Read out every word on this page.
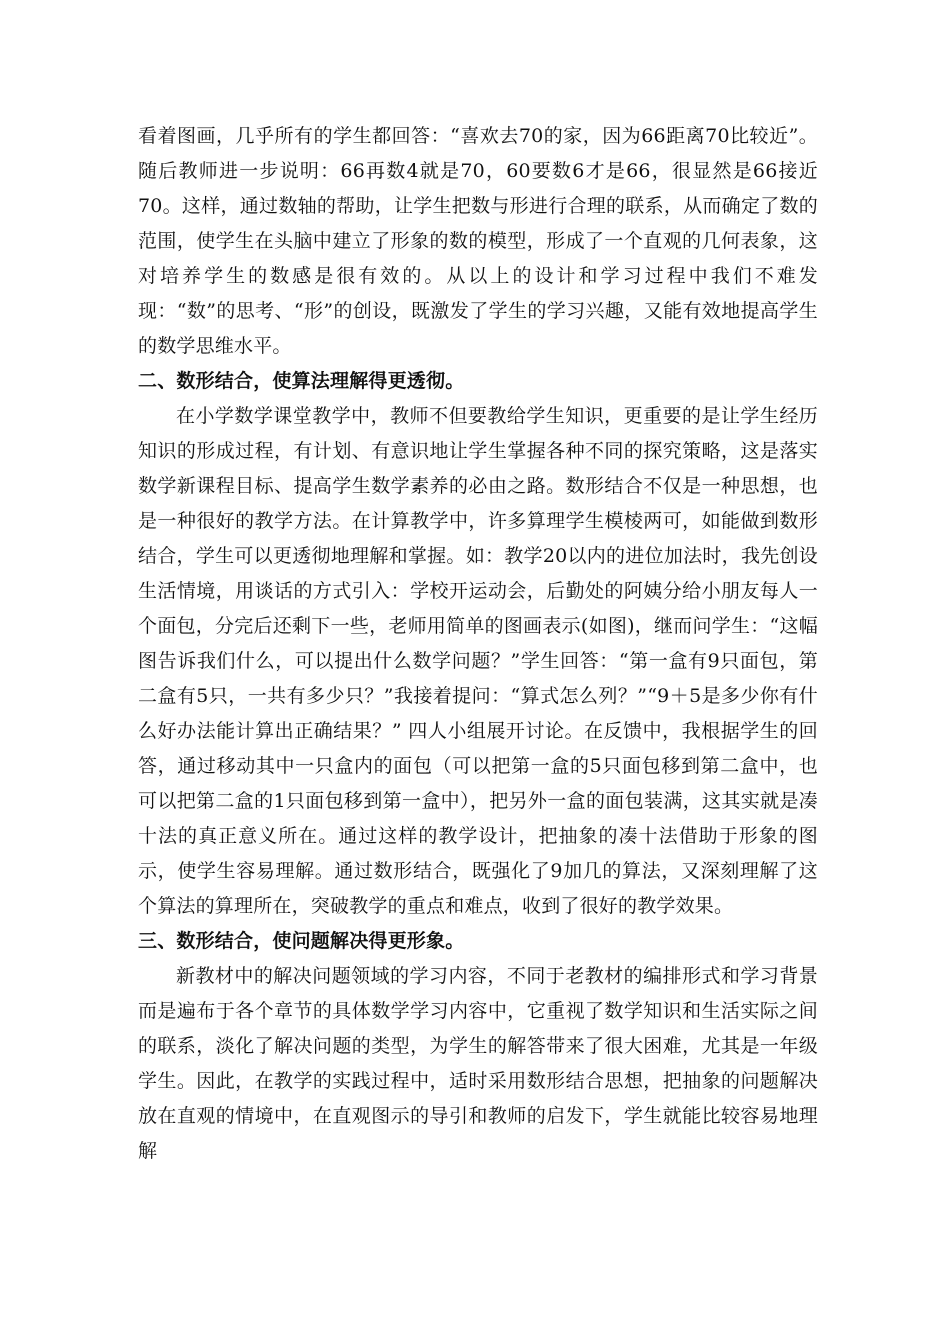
看着图画，几乎所有的学生都回答：“喜欢去70的家，因为66距离70比较近”。随后教师进一步说明：66再数4就是70，60要数6才是66，很显然是66接近70。这样，通过数轴的帮助，让学生把数与形进行合理的联系，从而确定了数的范围，使学生在头脑中建立了形象的数的模型，形成了一个直观的几何表象，这对培养学生的数感是很有效的。从以上的设计和学习过程中我们不难发现：“数”的思考、“形”的创设，既激发了学生的学习兴趣，又能有效地提高学生的数学思维水平。

二、数形结合，使算法理解得更透彻。

在小学数学课堂教学中，教师不但要教给学生知识，更重要的是让学生经历知识的形成过程，有计划、有意识地让学生掌握各种不同的探究策略，这是落实数学新课程目标、提高学生数学素养的必由之路。数形结合不仅是一种思想，也是一种很好的教学方法。在计算教学中，许多算理学生模棱两可，如能做到数形结合，学生可以更透彻地理解和掌握。如：教学20以内的进位加法时，我先创设生活情境，用谈话的方式引入：学校开运动会，后勤处的阿姨分给小朋友每人一个面包，分完后还剩下一些，老师用简单的图画表示(如图)，继而问学生：“这幅图告诉我们什么，可以提出什么数学问题？”学生回答：“第一盒有9只面包，第二盒有5只，一共有多少只？”我接着提问：“算式怎么列？”“9＋5是多少你有什么好办法能计算出正确结果？” 四人小组展开讨论。在反馈中，我根据学生的回答，通过移动其中一只盒内的面包（可以把第一盒的5只面包移到第二盒中，也可以把第二盒的1只面包移到第一盒中），把另外一盒的面包装满，这其实就是凑十法的真正意义所在。通过这样的教学设计，把抽象的凑十法借助于形象的图示，使学生容易理解。通过数形结合，既强化了9加几的算法，又深刻理解了这个算法的算理所在，突破教学的重点和难点，收到了很好的教学效果。

三、数形结合，使问题解决得更形象。

新教材中的解决问题领域的学习内容，不同于老教材的编排形式和学习背景而是遍布于各个章节的具体数学学习内容中，它重视了数学知识和生活实际之间的联系，淡化了解决问题的类型，为学生的解答带来了很大困难，尤其是一年级学生。因此，在教学的实践过程中，适时采用数形结合思想，把抽象的问题解决放在直观的情境中，在直观图示的导引和教师的启发下，学生就能比较容易地理解
